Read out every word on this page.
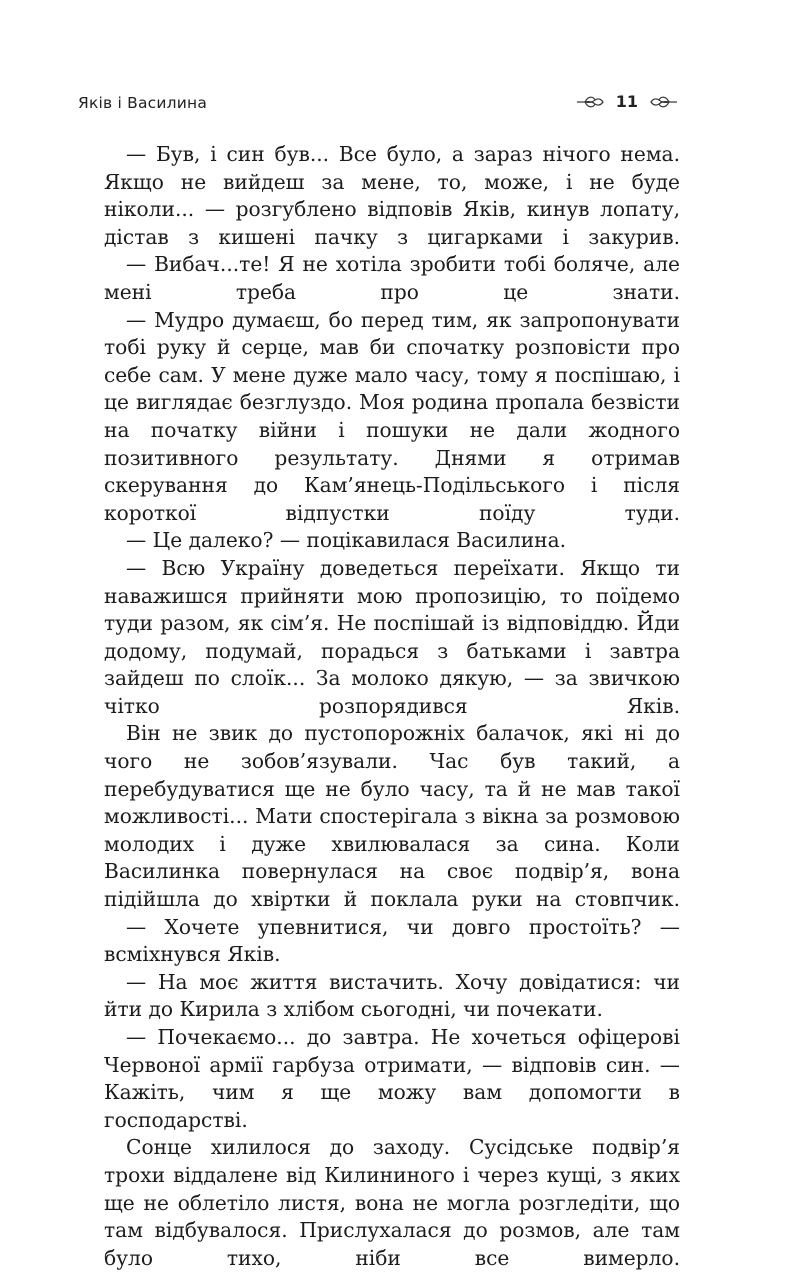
Яків і Василина	11

— Був, і син був... Все було, а зараз нічого нема. Якщо не вийдеш за мене, то, може, і не буде ніколи... — розгублено відповів Яків, кинув лопату, дістав з кишені пачку з цигарками і закурив.

— Вибач...те! Я не хотіла зробити тобі боляче, але мені треба про це знати.

— Мудро думаєш, бо перед тим, як запропонувати тобі руку й серце, мав би спочатку розповісти про себе сам. У мене дуже мало часу, тому я поспішаю, і це виглядає безглуздо. Моя родина пропала безвісти на початку війни і пошуки не дали жодного позитивного результату. Днями я отримав скерування до Кам’янець-Подільського і після короткої відпустки поїду туди.

— Це далеко? — поцікавилася Василина.

— Всю Україну доведеться переїхати. Якщо ти наважишся прийняти мою пропозицію, то поїдемо туди разом, як сім’я. Не поспішай із відповіддю. Йди додому, подумай, порадься з батьками і завтра зайдеш по слоїк... За молоко дякую, — за звичкою чітко розпорядився Яків.

Він не звик до пустопорожніх балачок, які ні до чого не зобов’язували. Час був такий, а перебудуватися ще не було часу, та й не мав такої можливості... Мати спостерігала з вікна за розмовою молодих і дуже хвилювалася за сина. Коли Василинка повернулася на своє подвір’я, вона підійшла до хвіртки й поклала руки на стовпчик.

— Хочете упевнитися, чи довго простоїть? — всміхнувся Яків.

— На моє життя вистачить. Хочу довідатися: чи йти до Кирила з хлібом сьогодні, чи почекати.

— Почекаємо... до завтра. Не хочеться офіцерові Червоної армії гарбуза отримати, — відповів син. — Кажіть, чим я ще можу вам допомогти в господарстві.

Сонце хилилося до заходу. Сусідське подвір’я трохи віддалене від Килининого і через кущі, з яких ще не облетіло листя, вона не могла розгледіти, що там відбувалося. Прислухалася до розмов, але там було тихо, ніби все вимерло.
